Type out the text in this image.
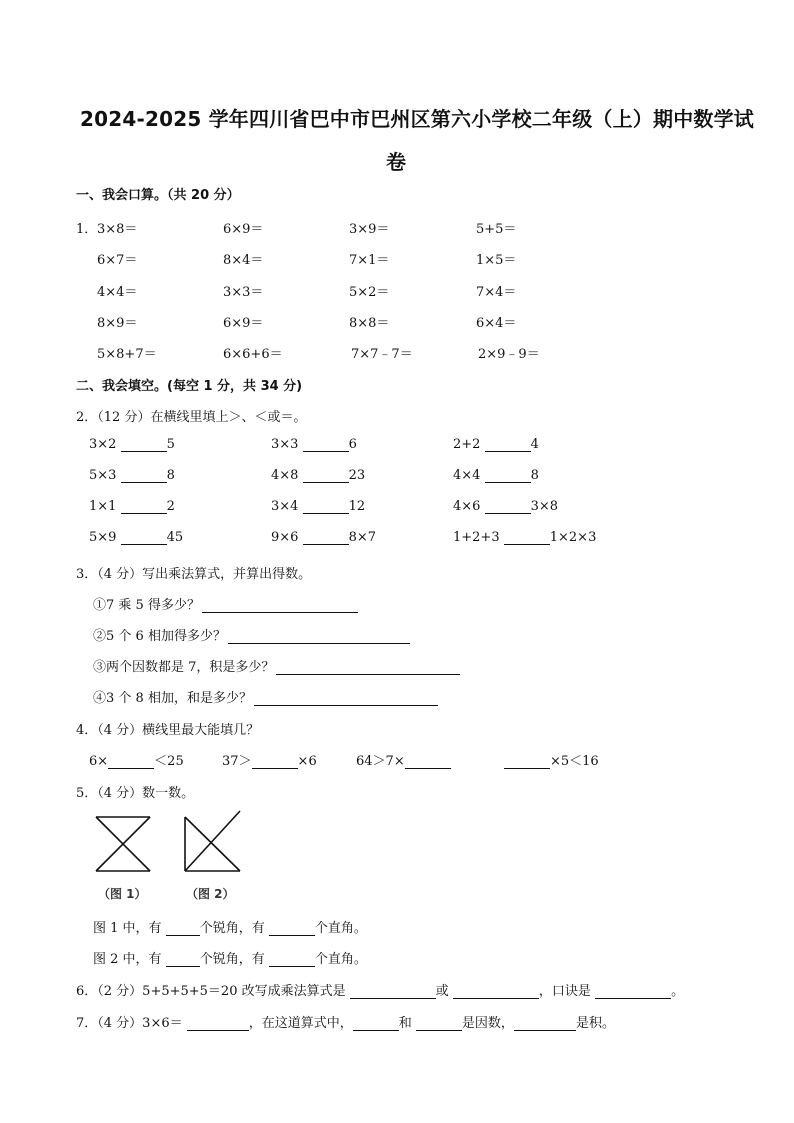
2024-2025 学年四川省巴中市巴州区第六小学校二年级（上）期中数学试
卷
一、我会口算。（共 20 分）
1． 3×8＝	6×9＝	3×9＝	5+5＝
6×7＝	8×4＝	7×1＝	1×5＝
4×4＝	3×3＝	5×2＝	7×4＝
8×9＝	6×9＝	8×8＝	6×4＝
5×8+7＝	6×6+6＝	7×7﹣7＝	2×9﹣9＝
二、我会填空。(每空 1 分，共 34 分)
2．（12 分）在横线里填上＞、＜或＝。
3×2	5	3×3	6	2+2	4
5×3	8	4×8	23	4×4	8
1×1	2	3×4	12	4×6	3×8
5×9	45	9×6	8×7	1+2+3	1×2×3
3．（4 分）写出乘法算式，并算出得数。
①7 乘 5 得多少？
②5 个 6 相加得多少？
③两个因数都是 7，积是多少？
④3 个 8 相加，和是多少？
4．（4 分）横线里最大能填几？
6×	＜25	37＞	×6	64＞7×	×5＜16
5．（4 分）数一数。
（图 1）	（图 2）
图 1 中，有	个锐角，有	个直角。
图 2 中，有	个锐角，有	个直角。
6．（2 分）5+5+5+5＝20 改写成乘法算式是	或	，口诀是	。
7．（4 分）3×6＝	，在这道算式中，	和	是因数，	是积。
